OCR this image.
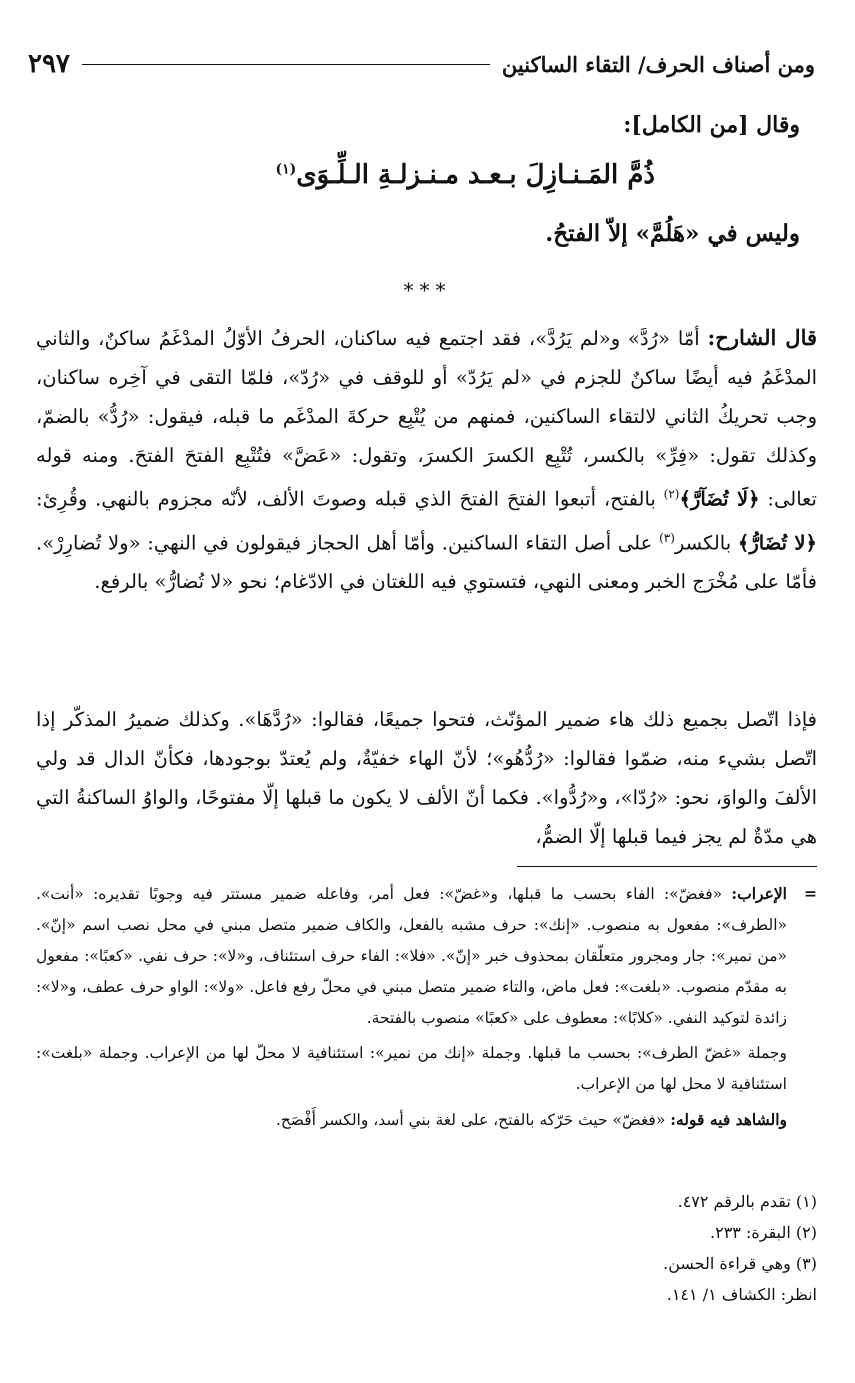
ومن أصناف الحرف/ التقاء الساكنين
٢٩٧
وقال [من الكامل]:
ذُمَّ المَـنـازِلَ بـعـد مـنـزلـةِ الـلِّـوَى$^{(١)}$
وليس في «هَلُمَّ» إلاّ الفتحُ.
***

قال الشارح: أمّا «رُدَّ» و«لم يَرُدَّ»، فقد اجتمع فيه ساكنان، الحرفُ الأوّلُ المدْغَمُ ساكنٌ، والثاني المدْغَمُ فيه أيضًا ساكنٌ للجزم في «لم يَرُدّ» أو للوقف في «رُدّ»، فلمّا التقى في آخِره ساكنان، وجب تحريكُ الثاني لالتقاء الساكنين، فمنهم من يُتْبِع حركةَ المدْغَم ما قبله، فيقول: «رُدُّ» بالضمّ، وكذلك تقول: «فِرِّ» بالكسر، تُتْبِع الكسرَ الكسرَ، وتقول: «عَضَّ» فتُتْبِع الفتحَ الفتحَ. ومنه قوله تعالى: ﴿لَا تُضَآرَّ﴾$^{(٢)}$ بالفتح، أتبعوا الفتحَ الفتحَ الذي قبله وصوتَ الألف، لأنّه مجزوم بالنهي. وقُرِئ: ﴿لا تُضَارُّ﴾ بالكسر$^{(٣)}$ على أصل التقاء الساكنين. وأمّا أهل الحجاز فيقولون في النهي: «ولا تُضارِرْ». فأمّا على مُخْرَج الخبر ومعنى النهي، فتستوي فيه اللغتان في الادّغام؛ نحو «لا تُضارُّ» بالرفع.

فإذا اتّصل بجميع ذلك هاء ضمير المؤنّث، فتحوا جميعًا، فقالوا: «رُدَّهَا». وكذلك ضميرُ المذكّر إذا اتّصل بشيء منه، ضمّوا فقالوا: «رُدُّهُو»؛ لأنّ الهاء خفيّةٌ، ولم يُعتدّ بوجودها، فكأنّ الدال قد ولي الألفَ والواوَ، نحو: «رُدّا»، و«رُدُّوا». فكما أنّ الألف لا يكون ما قبلها إلّا مفتوحًا، والواوُ الساكنةُ التي هي مدّةٌ لم يجز فيما قبلها إلّا الضمُّ،

=

الإعراب: «فغضّ»: الفاء بحسب ما قبلها، و«غضّ»: فعل أمر، وفاعله ضمير مستتر فيه وجوبًا تقديره: «أنت». «الطرف»: مفعول به منصوب. «إنك»: حرف مشبه بالفعل، والكاف ضمير متصل مبني في محل نصب اسم «إنّ». «من نمير»: جار ومجرور متعلّقان بمحذوف خبر «إنّ». «فلا»: الفاء حرف استئناف، و«لا»: حرف نفي. «كعبًا»: مفعول به مقدّم منصوب. «بلغت»: فعل ماض، والتاء ضمير متصل مبني في محلّ رفع فاعل. «ولا»: الواو حرف عطف، و«لا»: زائدة لتوكيد النفي. «كلابًا»: معطوف على «كعبًا» منصوب بالفتحة.

وجملة «غضّ الطرف»: بحسب ما قبلها. وجملة «إنك من نمير»: استئنافية لا محلّ لها من الإعراب. وجملة «بلغت»: استئنافية لا محل لها من الإعراب.

والشاهد فيه قوله: «فغضّ» حيث حَرّكه بالفتح، على لغة بني أسد، والكسر أَفْصَح.

(١) تقدم بالرقم ٤٧٢.

(٢) البقرة: ٢٣٣.

(٣) وهي قراءة الحسن.

انظر: الكشاف ١/ ١٤١.
